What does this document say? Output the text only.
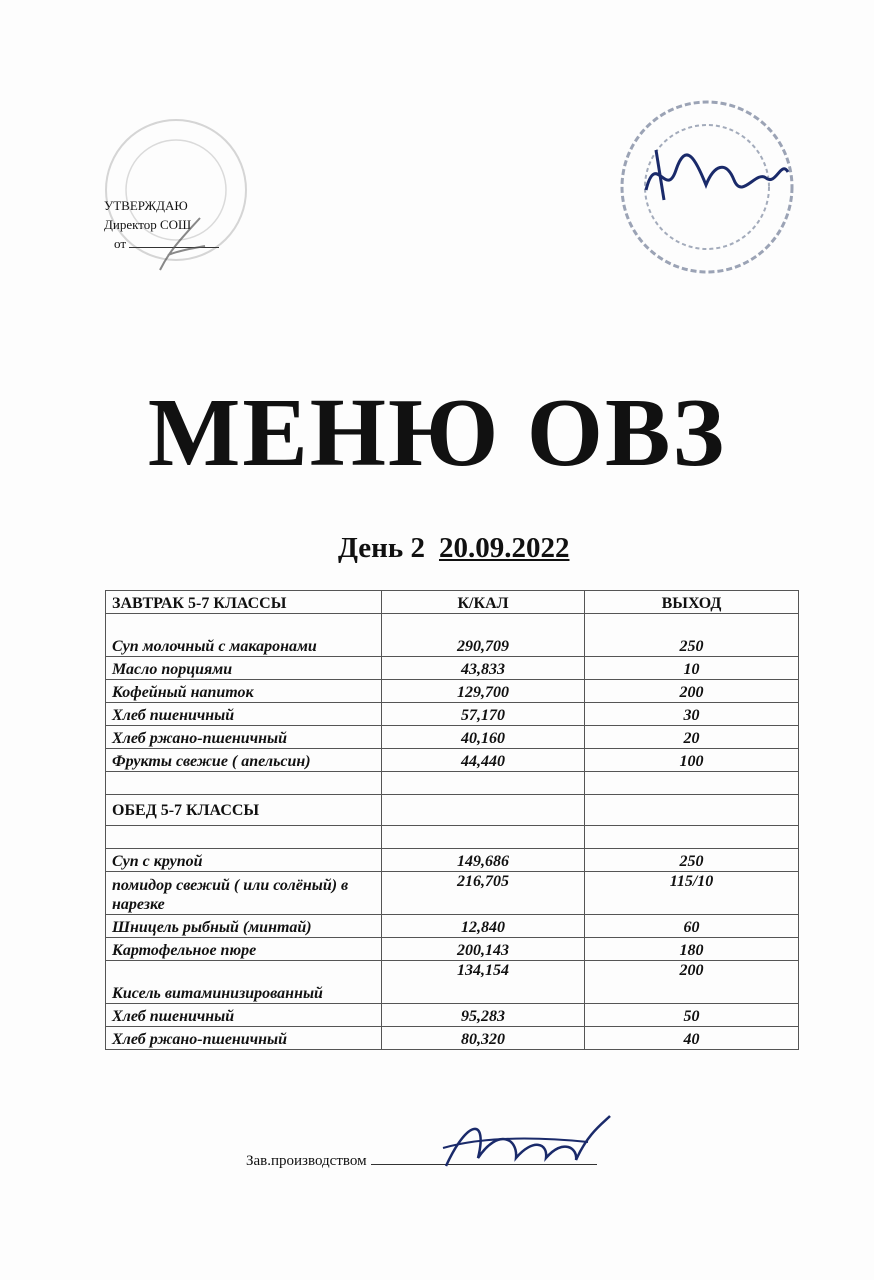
УТВЕРЖДАЮ
Директор СОШ
от
МЕНЮ ОВЗ
День 2 20.09.2022
ЗАВТРАК 5-7 КЛАССЫ	К/КАЛ	ВЫХОД
Суп молочный с макаронами	290,709	250
Масло порциями	43,833	10
Кофейный напиток	129,700	200
Хлеб пшеничный	57,170	30
Хлеб ржано-пшеничный	40,160	20
Фрукты свежие ( апельсин)	44,440	100

ОБЕД 5-7 КЛАССЫ		

Суп с крупой	149,686	250
помидор свежий ( или солёный) в нарезке	216,705	115/10
Шницель рыбный (минтай)	12,840	60
Картофельное пюре	200,143	180
Кисель витаминизированный	134,154	200
Хлеб пшеничный	95,283	50
Хлеб ржано-пшеничный	80,320	40
Зав.производством
